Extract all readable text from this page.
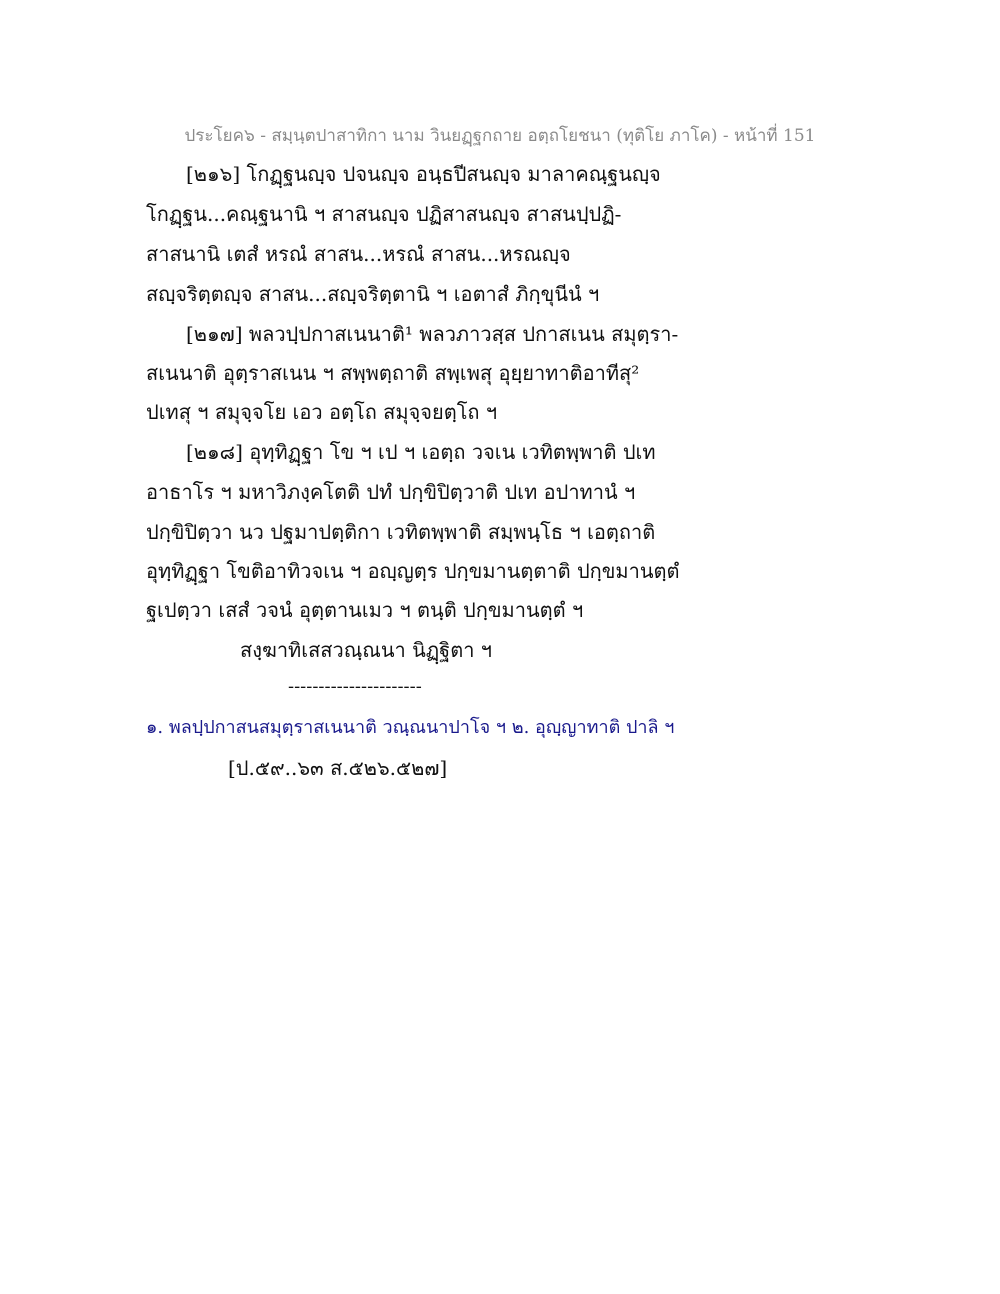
ประโยค๖ - สมฺนฺตปาสาทิกา นาม วินยฏฺฐกถาย อตฺถโยชนา (ทุติโย ภาโค) - หน้าที่ 151
[๒๑๖] โกฏฺฐนญฺจ ปจนญฺจ อนฺธปีสนญฺจ มาลาคณฺฐนญฺจ
โกฏฺฐน...คณฺฐนานิ ฯ สาสนญฺจ ปฏิสาสนญฺจ สาสนปฺปฏิ-
สาสนานิ เตสํ หรณํ สาสน...หรณํ สาสน...หรณญฺจ
สญฺจริตฺตญฺจ สาสน...สญฺจริตฺตานิ ฯ เอตาสํ ภิกฺขุนีนํ ฯ
[๒๑๗] พลวปฺปกาสเนนาติ¹ พลวภาวสฺส ปกาสเนน สมุตฺรา-
สเนนาติ อุตฺราสเนน ฯ สพฺพตฺถาติ สพฺเพสุ อุยฺยาทาติอาทีสุ²
ปเทสุ ฯ สมุจฺจโย เอว อตฺโถ สมุจฺจยตฺโถ ฯ
[๒๑๘] อุทฺทิฏฺฐา โข ฯ เป ฯ เอตฺถ วจเน เวทิตพฺพาติ ปเท
อาธาโร ฯ มหาวิภงฺคโตติ ปทํ ปกฺขิปิตฺวาติ ปเท อปาทานํ ฯ
ปกฺขิปิตฺวา นว ปฐมาปตฺติกา เวทิตพฺพาติ สมฺพนฺโธ ฯ เอตฺถาติ
อุทฺทิฏฺฐา โขติอาทิวจเน ฯ อญฺญตฺร ปกฺขมานตฺตาติ ปกฺขมานตฺตํ
ฐเปตฺวา เสสํ วจนํ อุตฺตานเมว ฯ ตนฺติ ปกฺขมานตฺตํ ฯ
สงฺฆาทิเสสวณฺณนา นิฏฺฐิตา ฯ
----------------------
๑. พลปฺปกาสนสมุตฺราสเนนาติ วณฺณนาปาโจ ฯ ๒. อุญฺญาทาติ ปาลิ ฯ
[ป.๕๙..๖๓ ส.๕๒๖.๕๒๗]
